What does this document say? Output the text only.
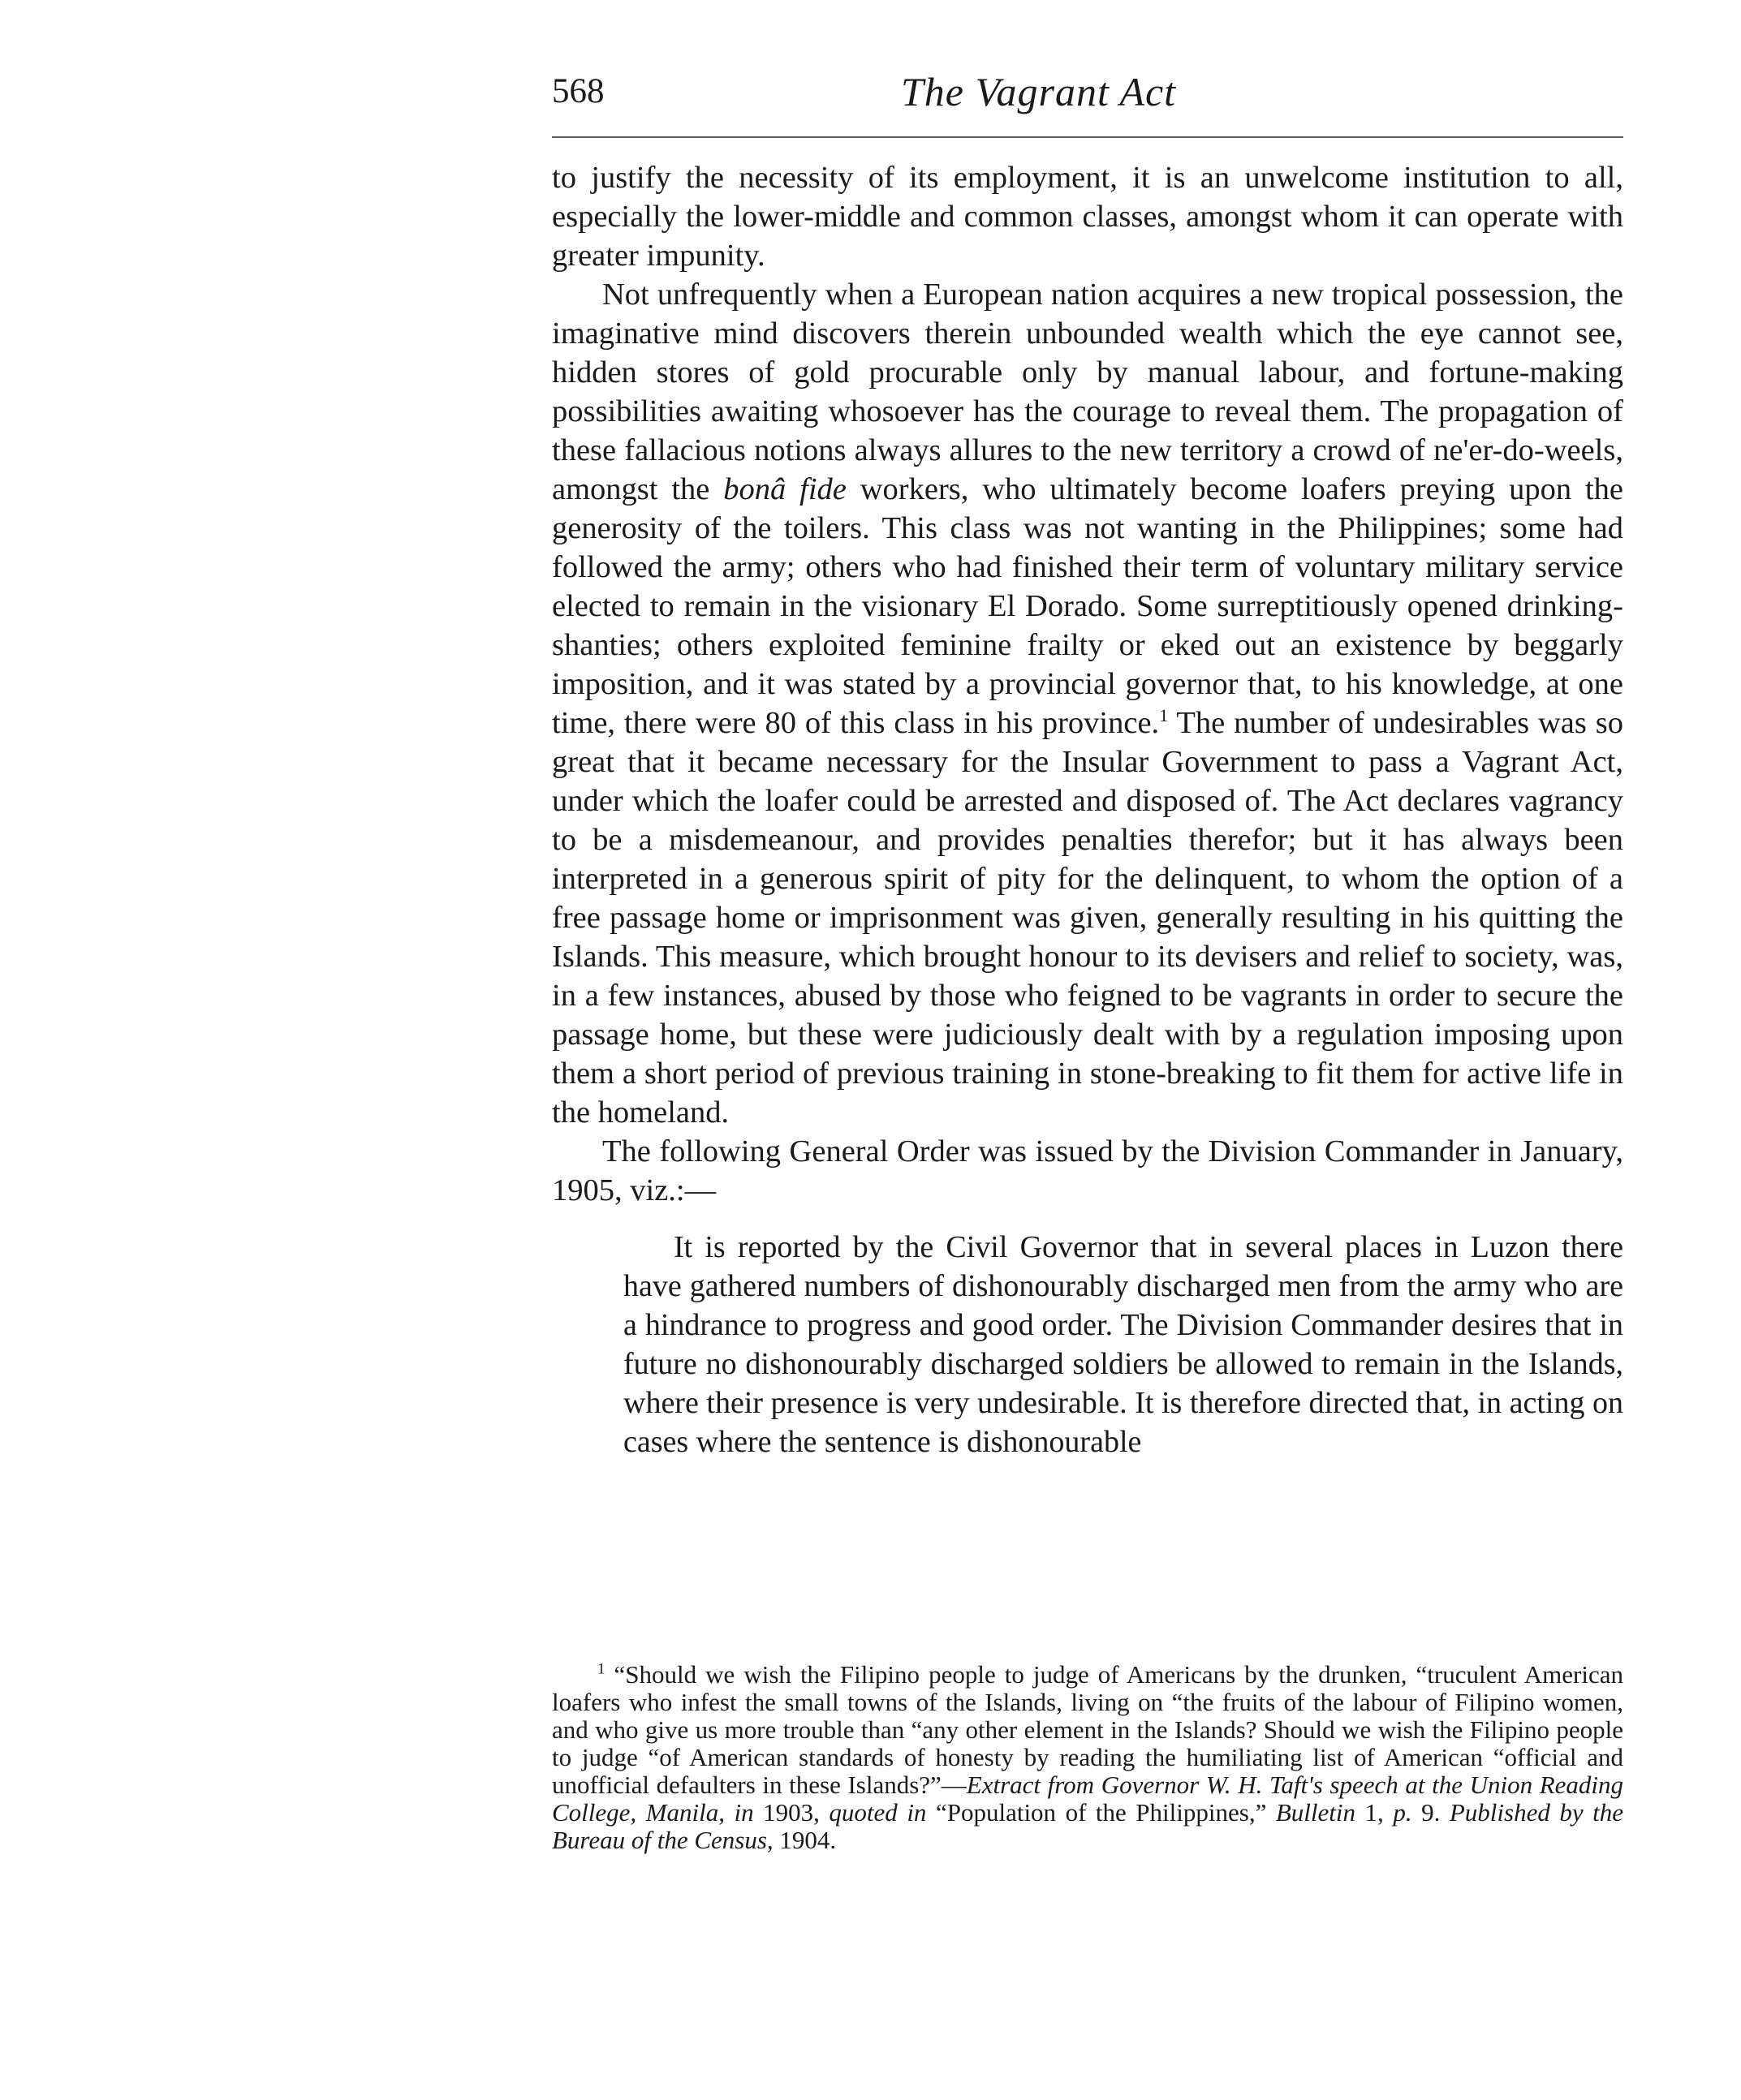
568	The Vagrant Act

to justify the necessity of its employment, it is an unwelcome institution to all, especially the lower-middle and common classes, amongst whom it can operate with greater impunity.

Not unfrequently when a European nation acquires a new tropical possession, the imaginative mind discovers therein unbounded wealth which the eye cannot see, hidden stores of gold procurable only by manual labour, and fortune-making possibilities awaiting whosoever has the courage to reveal them. The propagation of these fallacious notions always allures to the new territory a crowd of ne'er-do-weels, amongst the bonâ fide workers, who ultimately become loafers preying upon the generosity of the toilers. This class was not wanting in the Philippines; some had followed the army; others who had finished their term of voluntary military service elected to remain in the visionary El Dorado. Some surreptitiously opened drinking-shanties; others exploited feminine frailty or eked out an existence by beggarly imposition, and it was stated by a provincial governor that, to his knowledge, at one time, there were 80 of this class in his province.$^1$ The number of undesirables was so great that it became necessary for the Insular Government to pass a Vagrant Act, under which the loafer could be arrested and disposed of. The Act declares vagrancy to be a misdemeanour, and provides penalties therefor; but it has always been interpreted in a generous spirit of pity for the delinquent, to whom the option of a free passage home or imprisonment was given, generally resulting in his quitting the Islands. This measure, which brought honour to its devisers and relief to society, was, in a few instances, abused by those who feigned to be vagrants in order to secure the passage home, but these were judiciously dealt with by a regulation imposing upon them a short period of previous training in stone-breaking to fit them for active life in the homeland.

The following General Order was issued by the Division Commander in January, 1905, viz.:—

It is reported by the Civil Governor that in several places in Luzon there have gathered numbers of dishonourably discharged men from the army who are a hindrance to progress and good order. The Division Commander desires that in future no dishonourably discharged soldiers be allowed to remain in the Islands, where their presence is very undesirable. It is therefore directed that, in acting on cases where the sentence is dishonourable

$^1$ “Should we wish the Filipino people to judge of Americans by the drunken, “truculent American loafers who infest the small towns of the Islands, living on “the fruits of the labour of Filipino women, and who give us more trouble than “any other element in the Islands? Should we wish the Filipino people to judge “of American standards of honesty by reading the humiliating list of American “official and unofficial defaulters in these Islands?”—Extract from Governor W. H. Taft's speech at the Union Reading College, Manila, in 1903, quoted in “Population of the Philippines,” Bulletin 1, p. 9. Published by the Bureau of the Census, 1904.
